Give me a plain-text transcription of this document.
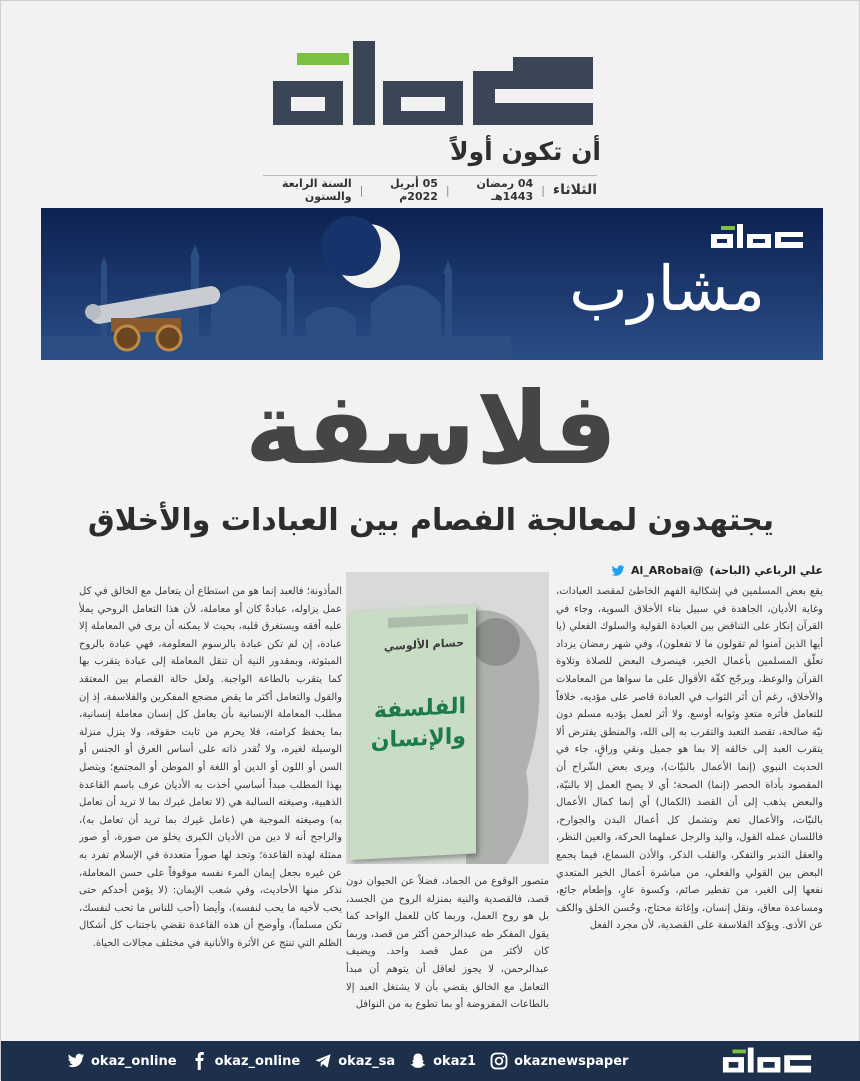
أن تكون أولاً
الثلاثاء
|
04 رمضان 1443هـ
|
05 أبريل 2022م
|
السنة الرابعة والستون
مشارب
فلاسفة
يجتهدون لمعالجة الفصام بين العبادات والأخلاق
علي الرباعي (الباحة)
@Al_ARobai
يقع بعض المسلمين في إشكالية الفهم الخاطئ لمقصد العبادات، وغاية الأديان، الجاهدة في سبيل بناء الأخلاق السوية، وجاء في القرآن إنكار على التناقض بين العبادة القولية والسلوك الفعلي (يا أيها الذين آمنوا لم تقولون ما لا تفعلون)، وفي شهر رمضان يزداد تعلّق المسلمين بأعمال الخير، فينصرف البعض للصلاة وتلاوة القرآن والوعظ، ويرجّح كفّة الأقوال على ما سواها من المعاملات والأخلاق، رغم أن أثر الثواب في العبادة قاصر على مؤديه، خلافاً للتعامل فأثره متعدٍ وثوابه أوسع. ولا أثر لعمل يؤديه مسلم دون نيّة صالحة، تقصد التعبد والتقرب به إلى الله، والمنطق يفترض ألا يتقرب العبد إلى خالقه إلا بما هو جميل ونقي وراقٍ، جاء في الحديث النبوي (إنما الأعمال بالنيّات)، ويرى بعض الشّراح أن المقصود بأداة الحصر (إنما) الصحة؛ أي لا يصح العمل إلا بالنيّة، والبعض يذهب إلى أن القصد (الكمال) أي إنما كمال الأعمال بالنيّات، والأعمال تعم وتشمل كل أعمال البدن والجوارح، فاللسان عمله القول، واليد والرجل عملهما الحركة، والعين النظر، والعقل التدبر والتفكر، والقلب الذكر، والأذن السماع، فيما يجمع البعض بين القولي والفعلي، من مباشرة أعمال الخير المتعدي نفعها إلى الغير، من تفطير صائم، وكسوة عارٍ، وإطعام جائع، ومساعدة معاق، ونقل إنسان، وإغاثة محتاج، وحُسن الخلق والكف عن الأذى. ويؤكد الفلاسفة على القصدية، لأن مجرد الفعل
حسام الألوسي
الفلسفة والإنسان
متصور الوقوع من الجماد، فضلاً عن الحيوان دون قصد، فالقصدية والنية بمنزلة الروح من الجسد، بل هو روح العمل، وربما كان للعمل الواحد كما يقول المفكر طه عبدالرحمن أكثر من قصد، وربما كان لأكثر من عمل قصد واحد. ويضيف عبدالرحمن، لا يجوز لعاقل أن يتوهم أن مبدأ التعامل مع الخالق يقضي بأن لا يشتغل العبد إلا بالطاعات المفروضة أو بما تطوع به من النوافل
المأذونة؛ فالعبد إنما هو من استطاع أن يتعامل مع الخالق في كل عمل يزاوله، عبادةً كان أو معاملة، لأن هذا التعامل الروحي يملأ عليه أفقه ويستغرق قلبه، بحيث لا يمكنه أن يرى في المعاملة إلا عبادة، إن لم تكن عبادة بالرسوم المعلومة، فهي عبادة بالروح المبثوثة، وبمقدور النية أن تنقل المعاملة إلى عبادة يتقرب بها كما يتقرب بالطاعة الواجبة. ولعل حالة الفصام بين المعتقد والقول والتعامل أكثر ما يقض مضجع المفكرين والفلاسفة، إذ إن مطلب المعاملة الإنسانية بأن يعامل كل إنسان معاملة إنسانية، بما يحفظ كرامته، فلا يحرم من ثابت حقوقه، ولا ينزل منزلة الوسيلة لغيره، ولا تُقدر ذاته على أساس العرق أو الجنس أو السن أو اللون أو الدين أو اللغة أو الموطن أو المجتمع؛ ويتصل بهذا المطلب مبدأ أساسي أخذت به الأديان عرف باسم القاعدة الذهبية، وصيغته السالبة هي (لا تعامل غيرك بما لا تريد أن تعامل به) وصيغته الموجبة هي (عامل غيرك بما تريد أن تعامل به)، والراجح أنه لا دين من الأديان الكبرى يخلو من صورة، أو صور ممثلة لهذه القاعدة؛ وتجد لها صوراً متعددة في الإسلام تفرد به عن غيره بجعل إيمان المرء نفسه موقوفاً على حسن المعاملة، نذكر منها الأحاديث، وفي شعب الإيمان: (لا يؤمن أحدكم حتى يحب لأخيه ما يحب لنفسه)، وأيضا (أحب للناس ما تحب لنفسك، تكن مسلماً)، وأوضح أن هذه القاعدة تقضي باجتناب كل أشكال الظلم التي تنتج عن الأثرة والأنانية في مختلف مجالات الحياة.
okaz_online	okaz_online	okaz_sa	okaz1	okaznewspaper
